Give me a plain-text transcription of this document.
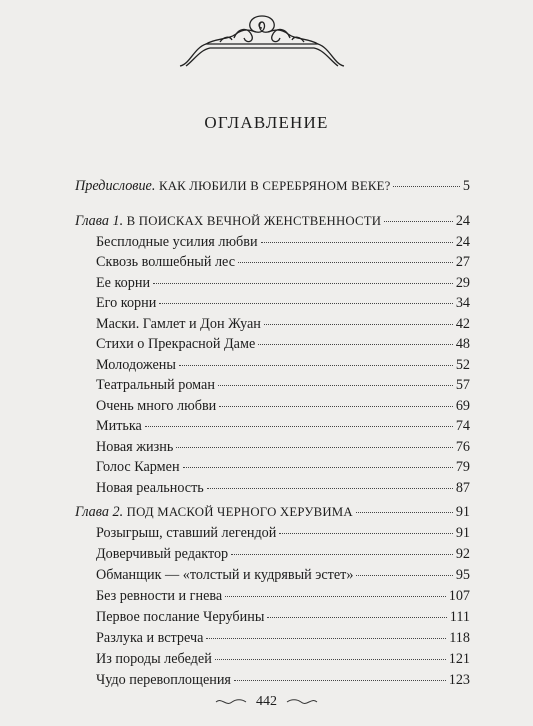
ОГЛАВЛЕНИЕ
Предисловие. КАК ЛЮБИЛИ В СЕРЕБРЯНОМ ВЕКЕ?	5
Глава 1. В ПОИСКАХ ВЕЧНОЙ ЖЕНСТВЕННОСТИ	24
Бесплодные усилия любви	24
Сквозь волшебный лес	27
Ее корни	29
Его корни	34
Маски. Гамлет и Дон Жуан	42
Стихи о Прекрасной Даме	48
Молодожены	52
Театральный роман	57
Очень много любви	69
Митька	74
Новая жизнь	76
Голос Кармен	79
Новая реальность	87
Глава 2. ПОД МАСКОЙ ЧЕРНОГО ХЕРУВИМА	91
Розыгрыш, ставший легендой	91
Доверчивый редактор	92
Обманщик — «толстый и кудрявый эстет»	95
Без ревности и гнева	107
Первое послание Черубины	111
Разлука и встреча	118
Из породы лебедей	121
Чудо перевоплощения	123
442
